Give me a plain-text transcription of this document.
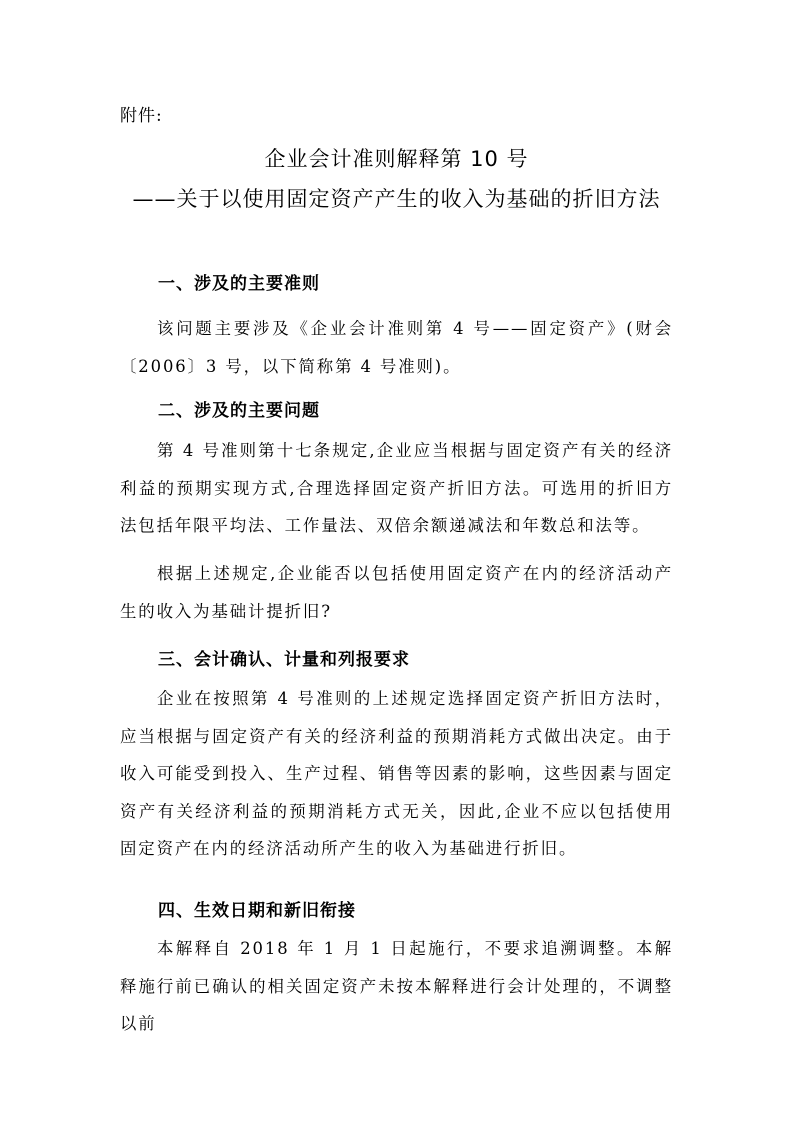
附件:
企业会计准则解释第 10 号
——关于以使用固定资产产生的收入为基础的折旧方法
一、涉及的主要准则

该问题主要涉及《企业会计准则第 4 号——固定资产》(财会〔2006〕3 号，以下简称第 4 号准则)。

二、涉及的主要问题

第 4 号准则第十七条规定,企业应当根据与固定资产有关的经济利益的预期实现方式,合理选择固定资产折旧方法。可选用的折旧方法包括年限平均法、工作量法、双倍余额递减法和年数总和法等。

根据上述规定,企业能否以包括使用固定资产在内的经济活动产生的收入为基础计提折旧?

三、会计确认、计量和列报要求

企业在按照第 4 号准则的上述规定选择固定资产折旧方法时，应当根据与固定资产有关的经济利益的预期消耗方式做出决定。由于收入可能受到投入、生产过程、销售等因素的影响，这些因素与固定资产有关经济利益的预期消耗方式无关，因此,企业不应以包括使用固定资产在内的经济活动所产生的收入为基础进行折旧。

四、生效日期和新旧衔接

本解释自 2018 年 1 月 1 日起施行，不要求追溯调整。本解释施行前已确认的相关固定资产未按本解释进行会计处理的，不调整以前
